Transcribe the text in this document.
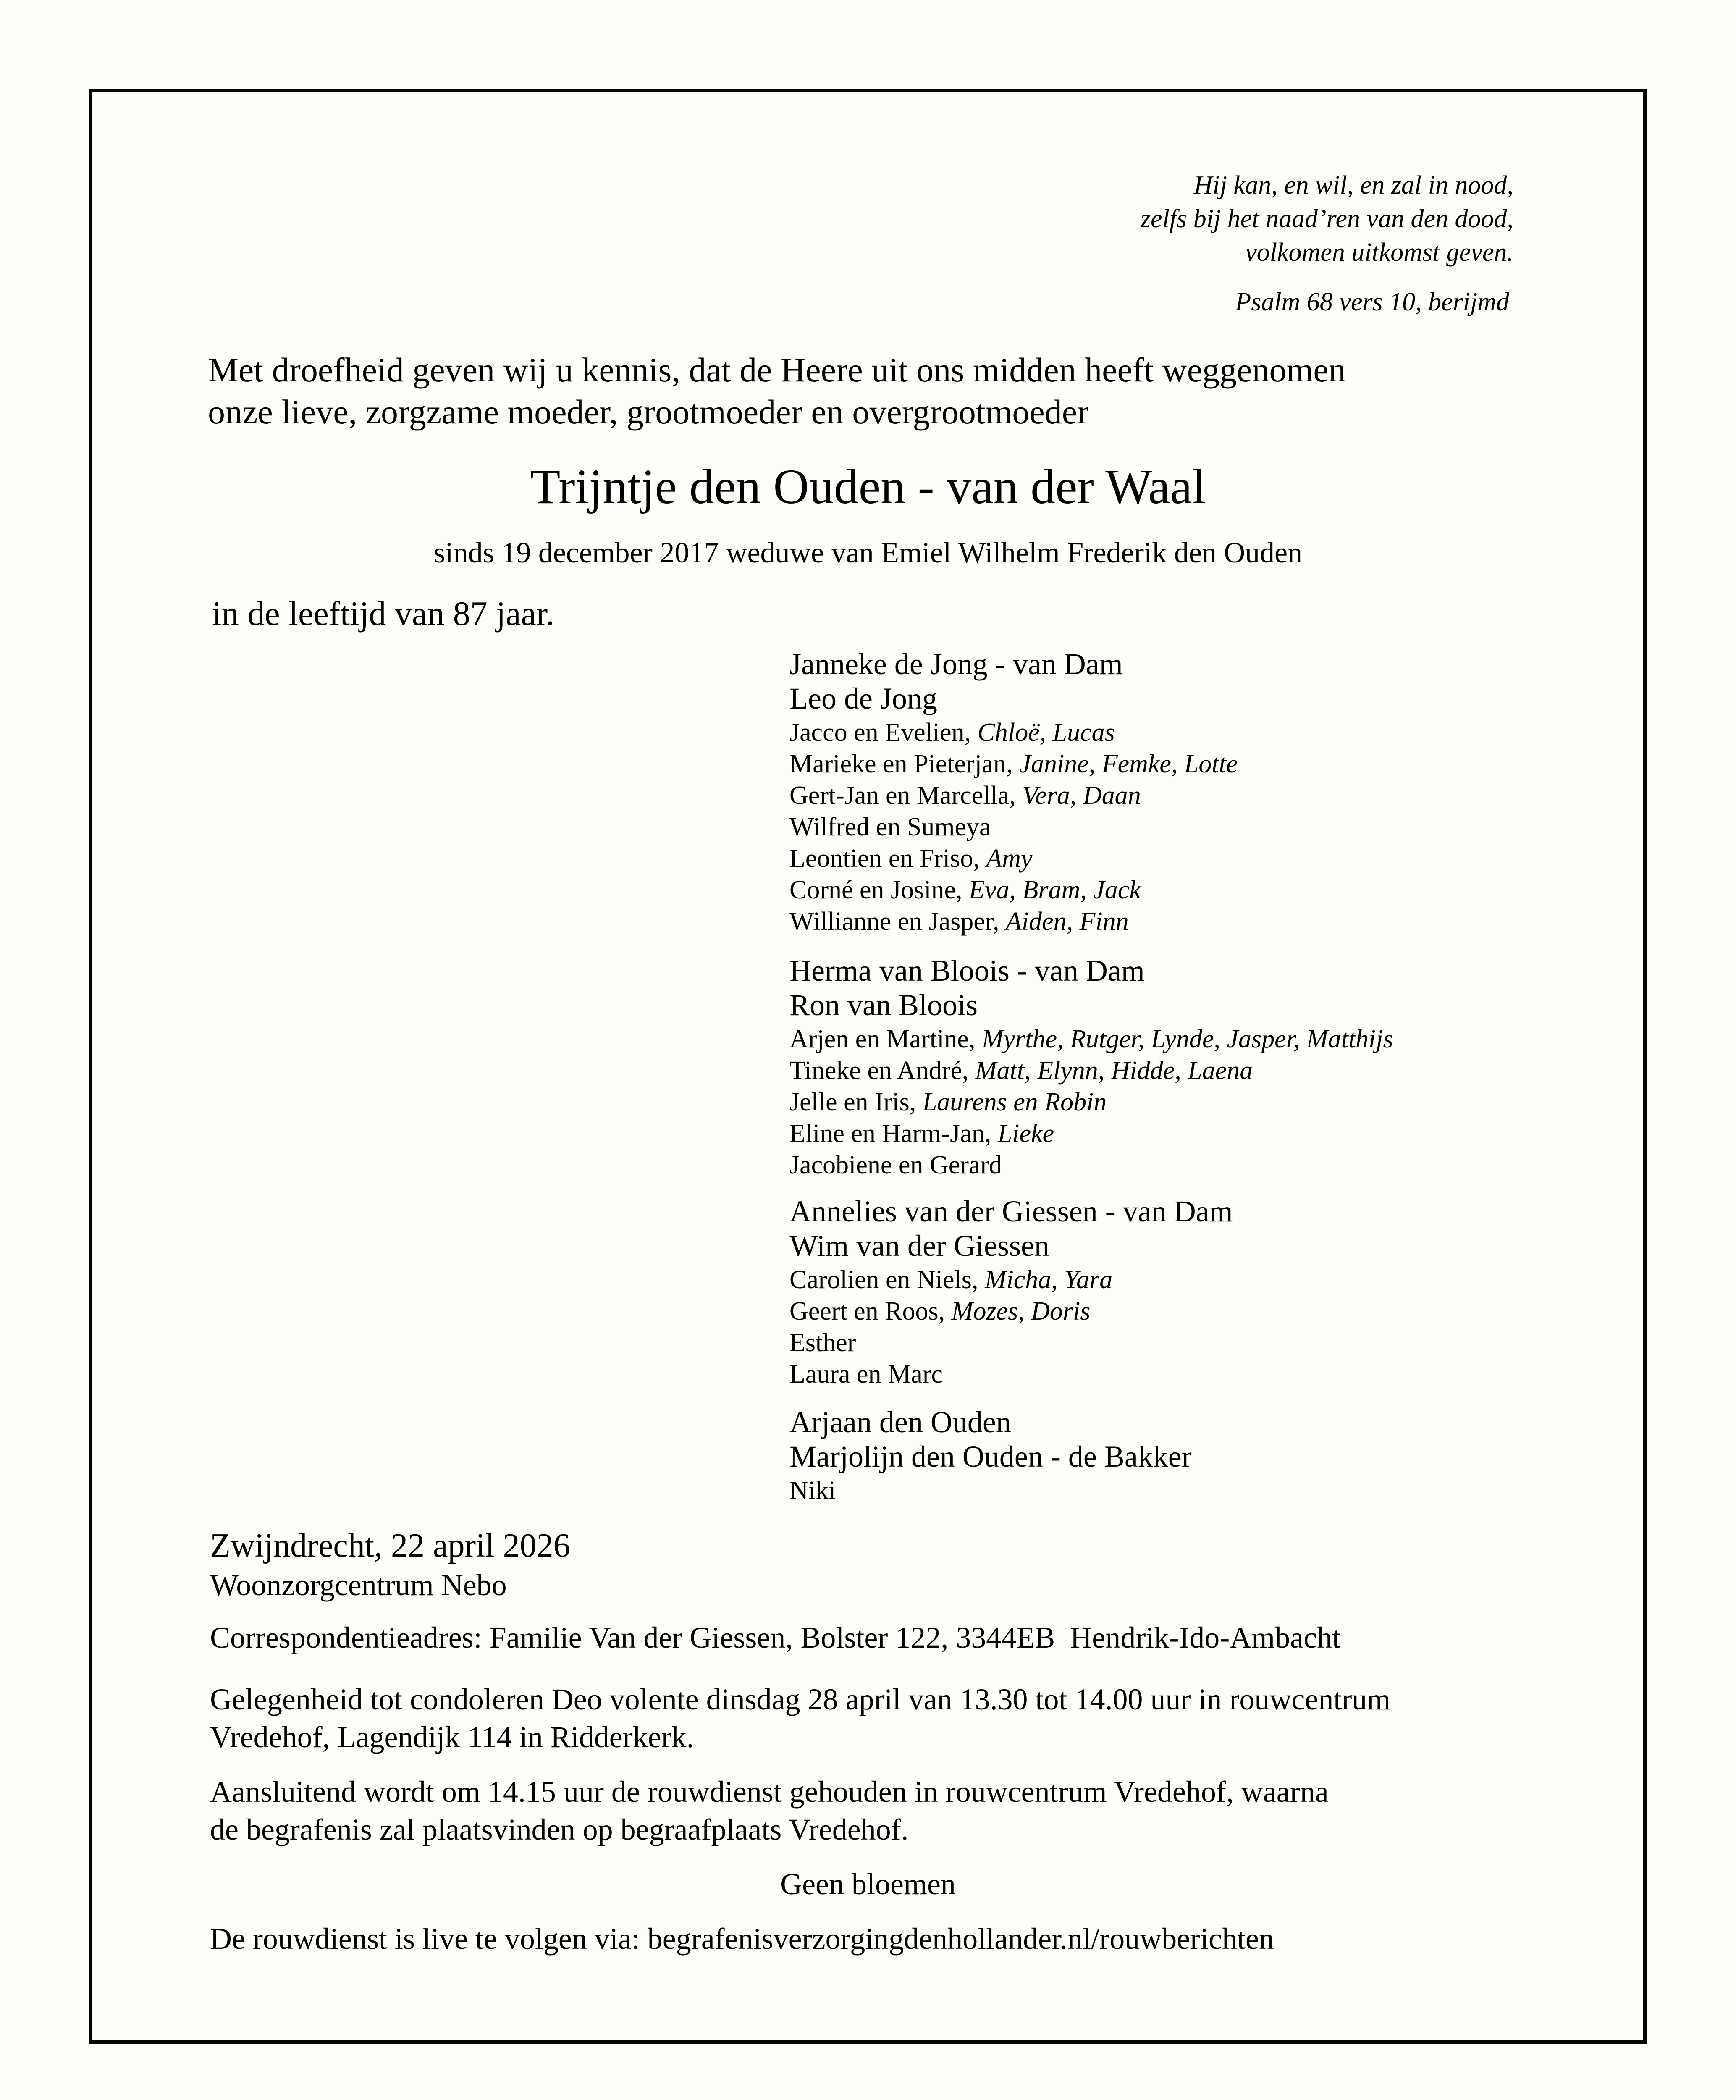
Hij kan, en wil, en zal in nood,
zelfs bij het naad’ren van den dood,
volkomen uitkomst geven.
Psalm 68 vers 10, berijmd
Met droefheid geven wij u kennis, dat de Heere uit ons midden heeft weggenomen
onze lieve, zorgzame moeder, grootmoeder en overgrootmoeder
Trijntje den Ouden - van der Waal
sinds 19 december 2017 weduwe van Emiel Wilhelm Frederik den Ouden
in de leeftijd van 87 jaar.
Janneke de Jong - van Dam
Leo de Jong
Jacco en Evelien, Chloë, Lucas
Marieke en Pieterjan, Janine, Femke, Lotte
Gert-Jan en Marcella, Vera, Daan
Wilfred en Sumeya
Leontien en Friso, Amy
Corné en Josine, Eva, Bram, Jack
Willianne en Jasper, Aiden, Finn
Herma van Bloois - van Dam
Ron van Bloois
Arjen en Martine, Myrthe, Rutger, Lynde, Jasper, Matthijs
Tineke en André, Matt, Elynn, Hidde, Laena
Jelle en Iris, Laurens en Robin
Eline en Harm-Jan, Lieke
Jacobiene en Gerard
Annelies van der Giessen - van Dam
Wim van der Giessen
Carolien en Niels, Micha, Yara
Geert en Roos, Mozes, Doris
Esther
Laura en Marc
Arjaan den Ouden
Marjolijn den Ouden - de Bakker
Niki
Zwijndrecht, 22 april 2026
Woonzorgcentrum Nebo
Correspondentieadres: Familie Van der Giessen, Bolster 122, 3344EB  Hendrik-Ido-Ambacht
Gelegenheid tot condoleren Deo volente dinsdag 28 april van 13.30 tot 14.00 uur in rouwcentrum
Vredehof, Lagendijk 114 in Ridderkerk.
Aansluitend wordt om 14.15 uur de rouwdienst gehouden in rouwcentrum Vredehof, waarna
de begrafenis zal plaatsvinden op begraafplaats Vredehof.
Geen bloemen
De rouwdienst is live te volgen via: begrafenisverzorgingdenhollander.nl/rouwberichten
